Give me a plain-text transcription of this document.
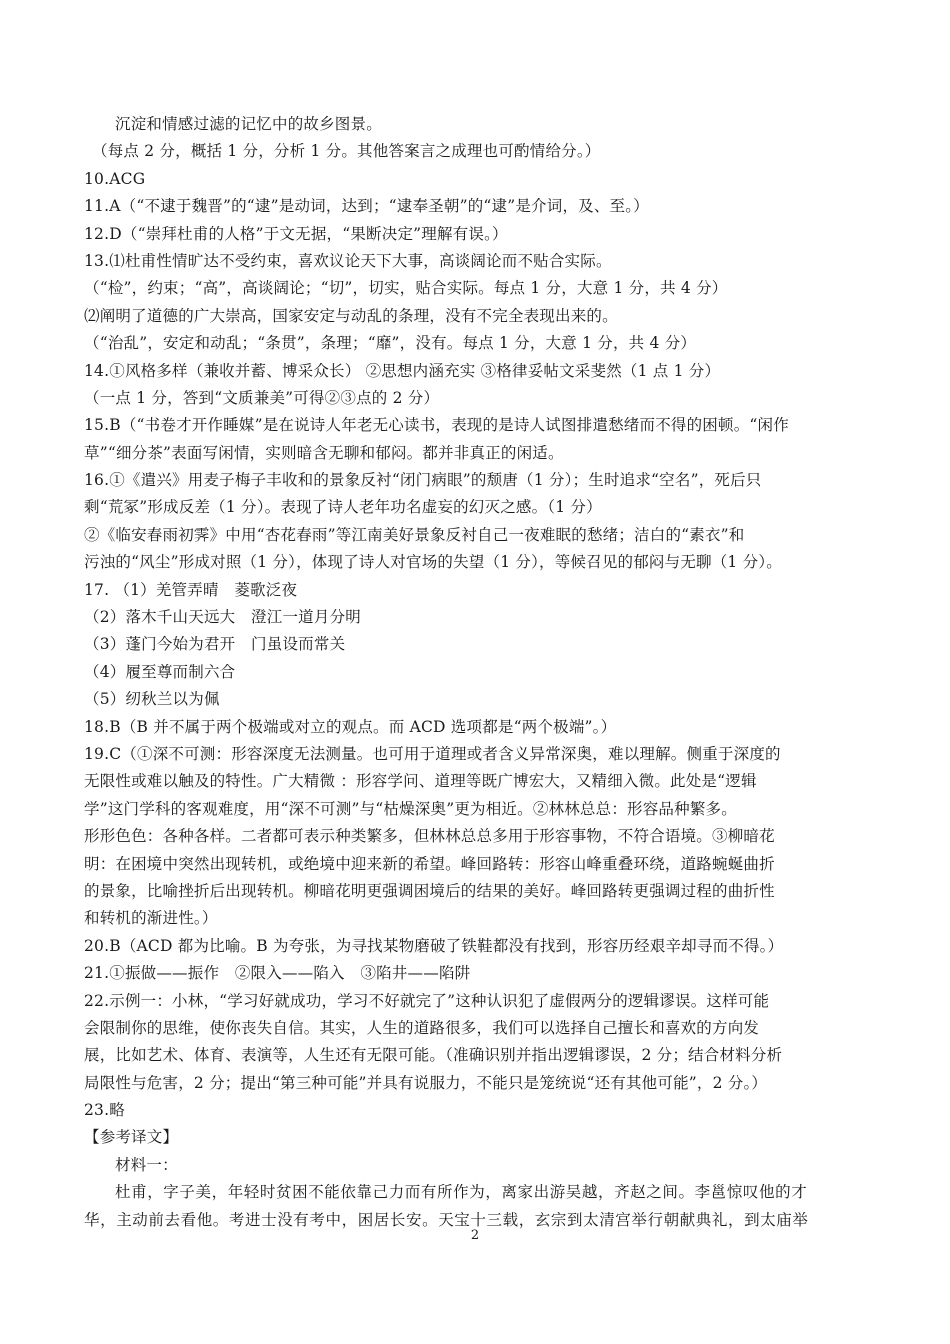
沉淀和情感过滤的记忆中的故乡图景。
（每点 2 分，概括 1 分，分析 1 分。其他答案言之成理也可酌情给分。）
10.ACG
11.A（“不逮于魏晋”的“逮”是动词，达到；“逮奉圣朝”的“逮”是介词，及、至。）
12.D（“崇拜杜甫的人格”于文无据，“果断决定”理解有误。）
13.⑴杜甫性情旷达不受约束，喜欢议论天下大事，高谈阔论而不贴合实际。
（“检”，约束；“高”，高谈阔论；“切”，切实，贴合实际。每点 1 分，大意 1 分，共 4 分）
⑵阐明了道德的广大崇高，国家安定与动乱的条理，没有不完全表现出来的。
（“治乱”，安定和动乱；“条贯”，条理；“靡”，没有。每点 1 分，大意 1 分，共 4 分）
14.①风格多样（兼收并蓄、博采众长） ②思想内涵充实 ③格律妥帖文采斐然（1 点 1 分）
（一点 1 分，答到“文质兼美”可得②③点的 2 分）
15.B（“书卷才开作睡媒”是在说诗人年老无心读书，表现的是诗人试图排遣愁绪而不得的困顿。“闲作
草”“细分茶”表面写闲情，实则暗含无聊和郁闷。都并非真正的闲适。
16.①《遣兴》用麦子梅子丰收和的景象反衬“闭门病眼”的颓唐（1 分）；生时追求“空名”，死后只
剩“荒冢”形成反差（1 分）。表现了诗人老年功名虚妄的幻灭之感。（1 分）
②《临安春雨初霁》中用“杏花春雨”等江南美好景象反衬自己一夜难眠的愁绪；洁白的“素衣”和
污浊的“风尘”形成对照（1 分），体现了诗人对官场的失望（1 分），等候召见的郁闷与无聊（1 分）。
17. （1）羌管弄晴　菱歌泛夜
（2）落木千山天远大　澄江一道月分明
（3）蓬门今始为君开　门虽设而常关
（4）履至尊而制六合
（5）纫秋兰以为佩
18.B（B 并不属于两个极端或对立的观点。而 ACD 选项都是“两个极端”。）
19.C（①深不可测：形容深度无法测量。也可用于道理或者含义异常深奥，难以理解。侧重于深度的
无限性或难以触及的特性。广大精微 ：形容学问、道理等既广博宏大，又精细入微。此处是“逻辑
学”这门学科的客观难度，用“深不可测”与“枯燥深奥”更为相近。②林林总总：形容品种繁多。
形形色色：各种各样。二者都可表示种类繁多，但林林总总多用于形容事物，不符合语境。③柳暗花
明：在困境中突然出现转机，或绝境中迎来新的希望。峰回路转：形容山峰重叠环绕，道路蜿蜒曲折
的景象，比喻挫折后出现转机。柳暗花明更强调困境后的结果的美好。峰回路转更强调过程的曲折性
和转机的渐进性。）
20.B（ACD 都为比喻。B 为夸张，为寻找某物磨破了铁鞋都没有找到，形容历经艰辛却寻而不得。）
21.①振做——振作　②限入——陷入　③陷井——陷阱
22.示例一：小林，“学习好就成功，学习不好就完了”这种认识犯了虚假两分的逻辑谬误。这样可能
会限制你的思维，使你丧失自信。其实，人生的道路很多，我们可以选择自己擅长和喜欢的方向发
展，比如艺术、体育、表演等，人生还有无限可能。（准确识别并指出逻辑谬误，2 分；结合材料分析
局限性与危害，2 分；提出“第三种可能”并具有说服力，不能只是笼统说“还有其他可能”，2 分。）
23.略
【参考译文】
材料一：
杜甫，字子美，年轻时贫困不能依靠己力而有所作为，离家出游吴越，齐赵之间。李邕惊叹他的才
华，主动前去看他。考进士没有考中，困居长安。天宝十三载，玄宗到太清宫举行朝献典礼，到太庙举
2
